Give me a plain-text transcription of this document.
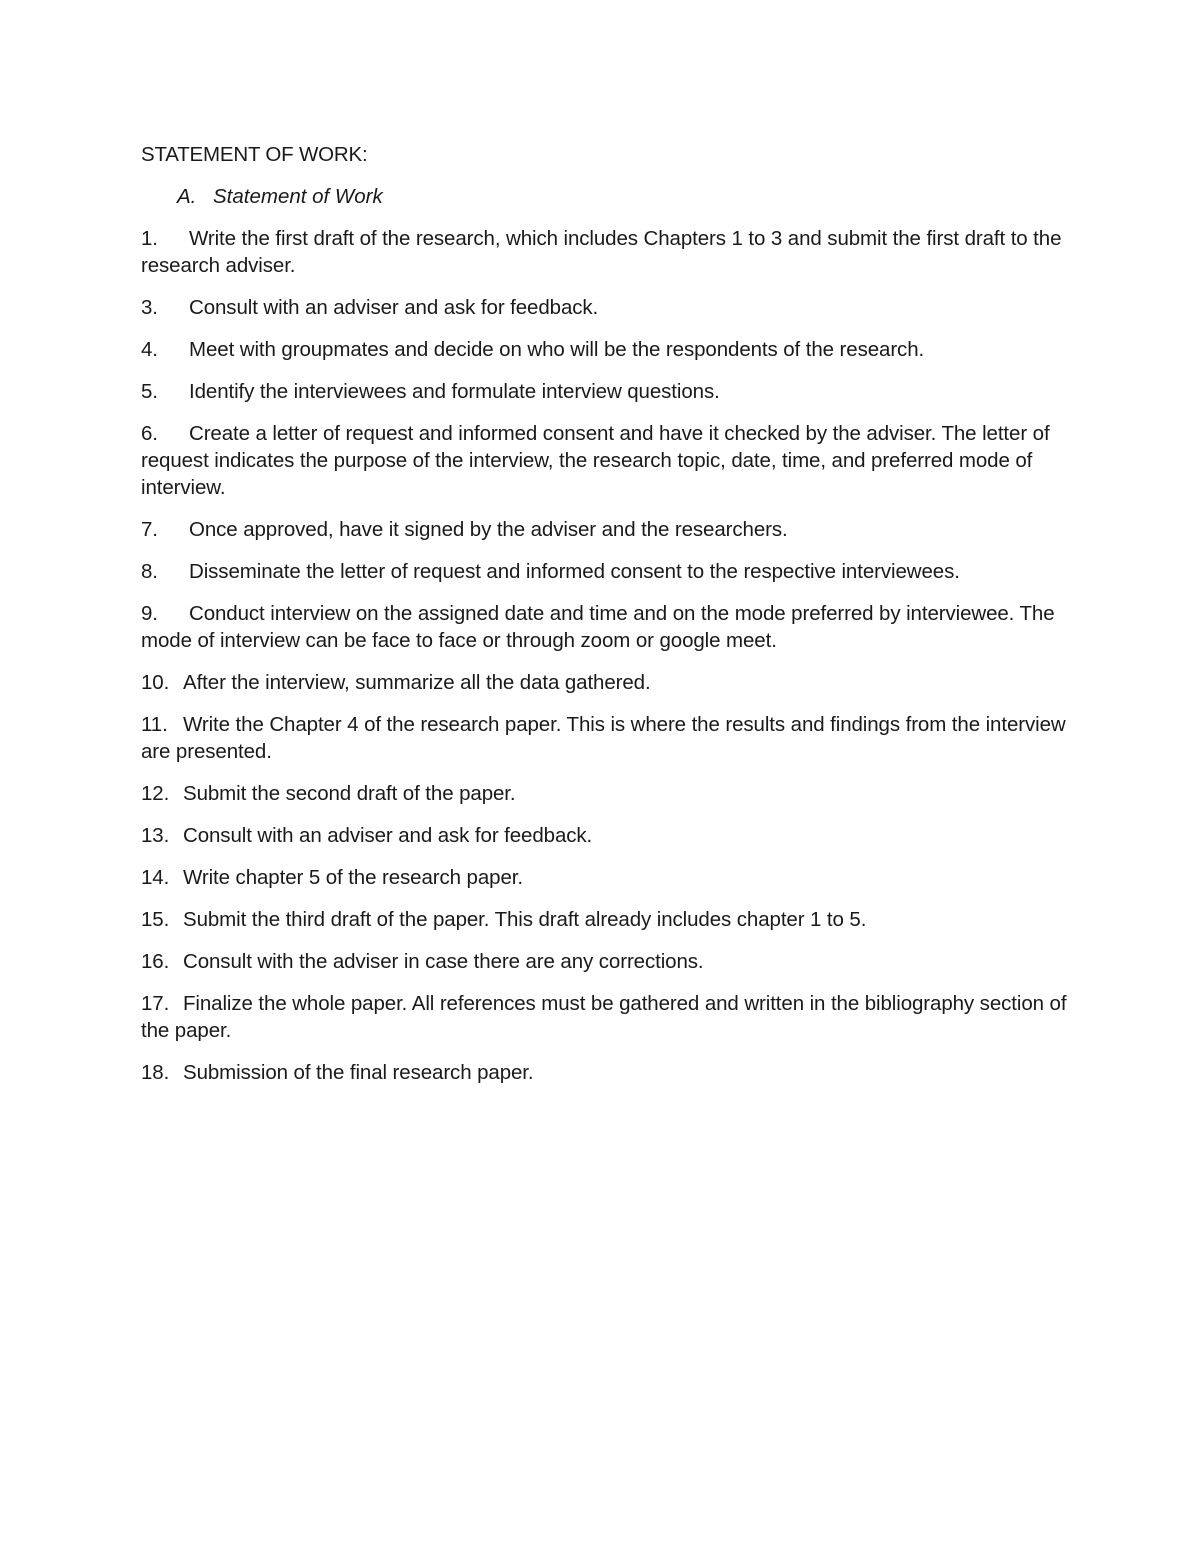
STATEMENT OF WORK:
A. Statement of Work

1. Write the first draft of the research, which includes Chapters 1 to 3 and submit the first draft to the research adviser.

3. Consult with an adviser and ask for feedback.

4. Meet with groupmates and decide on who will be the respondents of the research.

5. Identify the interviewees and formulate interview questions.

6. Create a letter of request and informed consent and have it checked by the adviser. The letter of request indicates the purpose of the interview, the research topic, date, time, and preferred mode of interview.

7. Once approved, have it signed by the adviser and the researchers.

8. Disseminate the letter of request and informed consent to the respective interviewees.

9. Conduct interview on the assigned date and time and on the mode preferred by interviewee. The mode of interview can be face to face or through zoom or google meet.

10. After the interview, summarize all the data gathered.

11. Write the Chapter 4 of the research paper. This is where the results and findings from the interview are presented.

12. Submit the second draft of the paper.

13. Consult with an adviser and ask for feedback.

14. Write chapter 5 of the research paper.

15. Submit the third draft of the paper. This draft already includes chapter 1 to 5.

16. Consult with the adviser in case there are any corrections.

17. Finalize the whole paper. All references must be gathered and written in the bibliography section of the paper.

18. Submission of the final research paper.
